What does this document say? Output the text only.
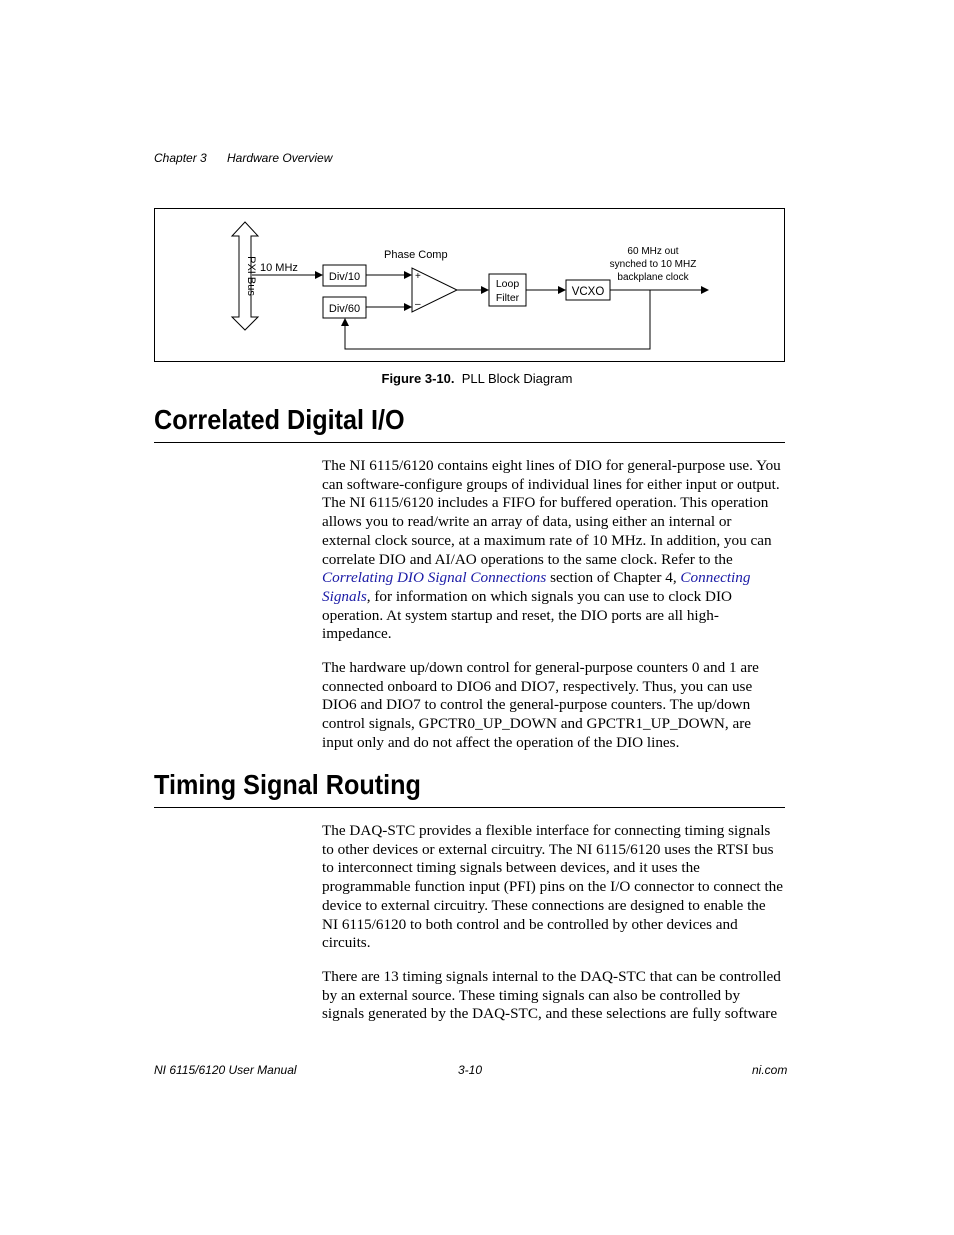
Chapter 3 Hardware Overview
PXI Bus 10 MHz
Div/10
Div/60
Phase Comp
+
–
Loop
Filter	VCXO
60 MHz out
synched to 10 MHZ
backplane clock
Figure 3-10. PLL Block Diagram
Correlated Digital I/O

The NI 6115/6120 contains eight lines of DIO for general-purpose use. You can software-configure groups of individual lines for either input or output. The NI 6115/6120 includes a FIFO for buffered operation. This operation allows you to read/write an array of data, using either an internal or external clock source, at a maximum rate of 10 MHz. In addition, you can correlate DIO and AI/AO operations to the same clock. Refer to the Correlating DIO Signal Connections section of Chapter 4, Connecting Signals, for information on which signals you can use to clock DIO operation. At system startup and reset, the DIO ports are all high-impedance.

The hardware up/down control for general-purpose counters 0 and 1 are connected onboard to DIO6 and DIO7, respectively. Thus, you can use DIO6 and DIO7 to control the general-purpose counters. The up/down control signals, GPCTR0_UP_DOWN and GPCTR1_UP_DOWN, are input only and do not affect the operation of the DIO lines.

Timing Signal Routing

The DAQ-STC provides a flexible interface for connecting timing signals to other devices or external circuitry. The NI 6115/6120 uses the RTSI bus to interconnect timing signals between devices, and it uses the programmable function input (PFI) pins on the I/O connector to connect the device to external circuitry. These connections are designed to enable the NI 6115/6120 to both control and be controlled by other devices and circuits.

There are 13 timing signals internal to the DAQ-STC that can be controlled by an external source. These timing signals can also be controlled by signals generated by the DAQ-STC, and these selections are fully software

NI 6115/6120 User Manual	3-10	ni.com
